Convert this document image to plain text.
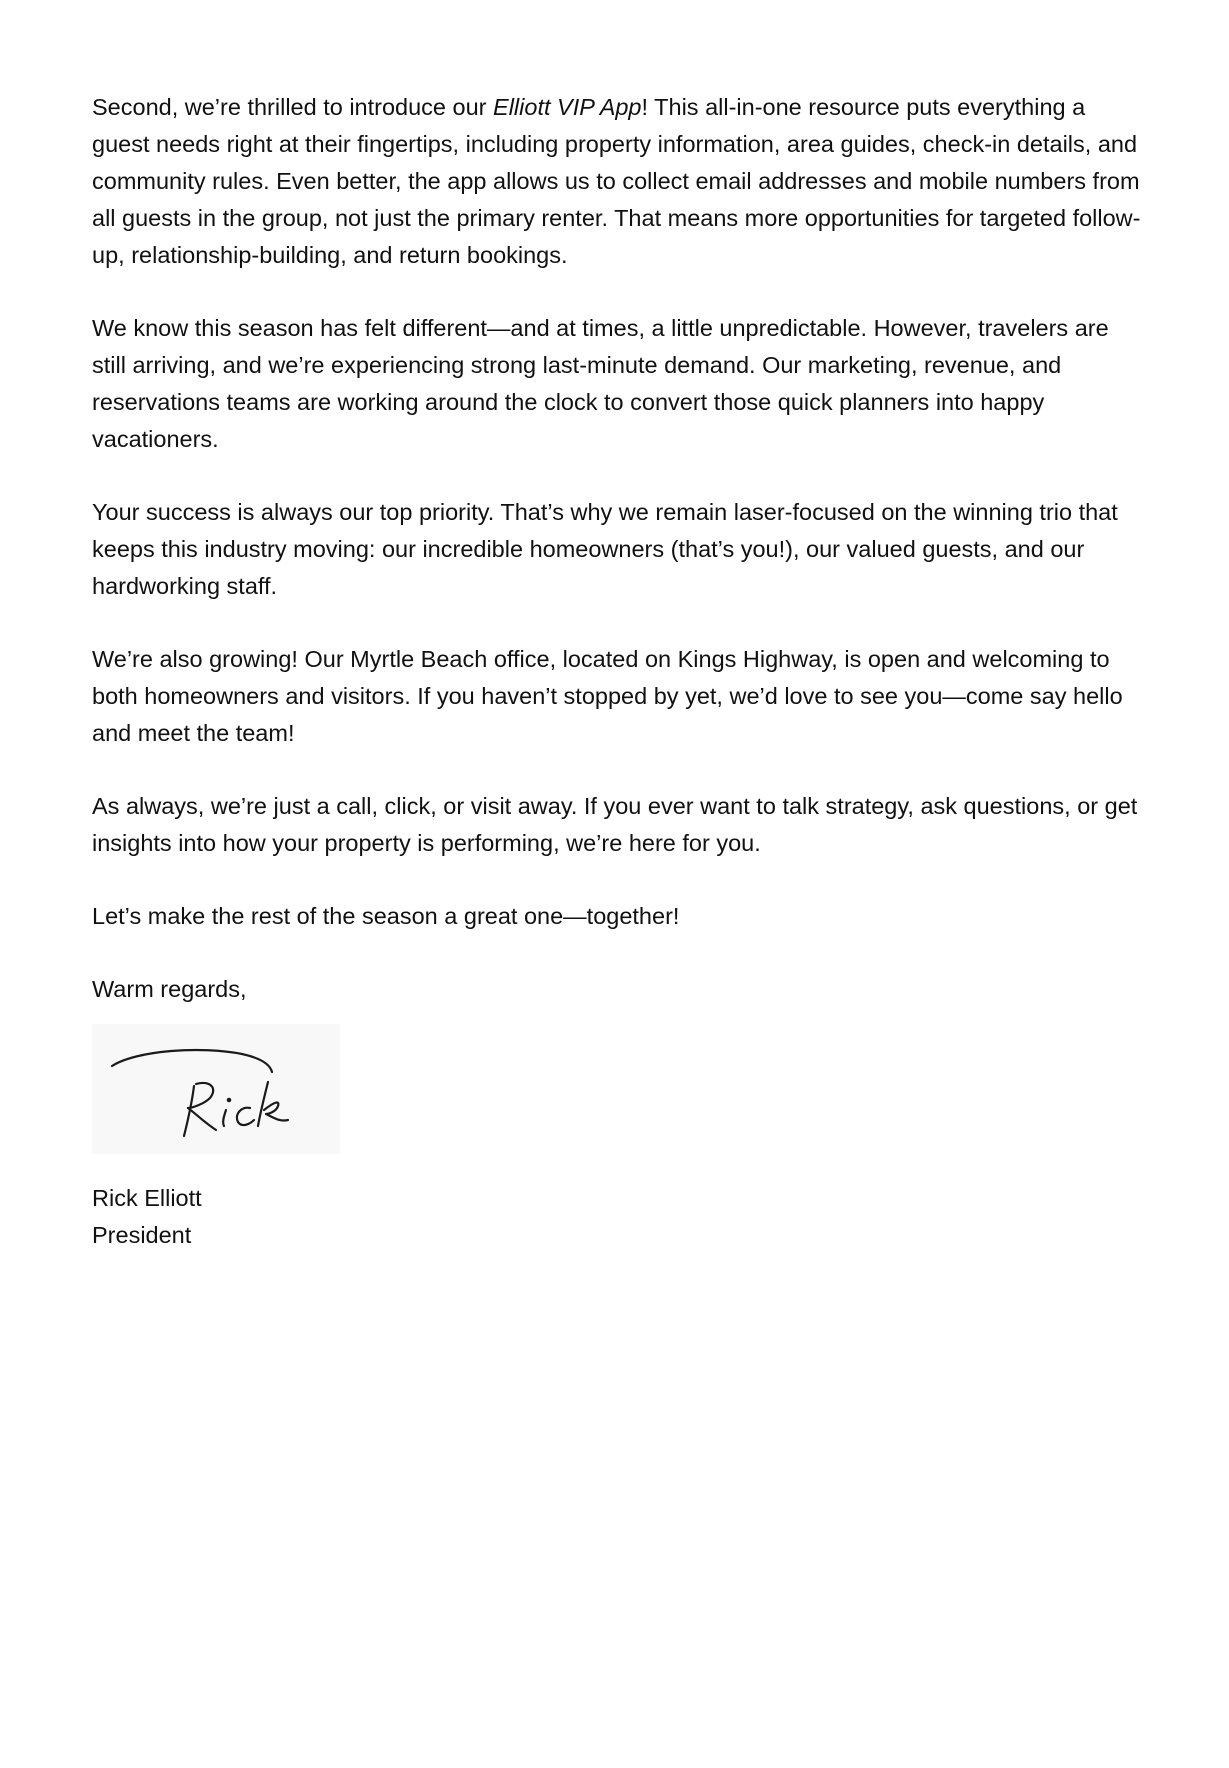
Second, we’re thrilled to introduce our Elliott VIP App! This all-in-one resource puts everything a guest needs right at their fingertips, including property information, area guides, check-in details, and community rules. Even better, the app allows us to collect email addresses and mobile numbers from all guests in the group, not just the primary renter. That means more opportunities for targeted follow-up, relationship-building, and return bookings.

We know this season has felt different—and at times, a little unpredictable. However, travelers are still arriving, and we’re experiencing strong last-minute demand. Our marketing, revenue, and reservations teams are working around the clock to convert those quick planners into happy vacationers.

Your success is always our top priority. That’s why we remain laser-focused on the winning trio that keeps this industry moving: our incredible homeowners (that’s you!), our valued guests, and our hardworking staff.

We’re also growing! Our Myrtle Beach office, located on Kings Highway, is open and welcoming to both homeowners and visitors. If you haven’t stopped by yet, we’d love to see you—come say hello and meet the team!

As always, we’re just a call, click, or visit away. If you ever want to talk strategy, ask questions, or get insights into how your property is performing, we’re here for you.

Let’s make the rest of the season a great one—together!

Warm regards,

Rick Elliott

President
